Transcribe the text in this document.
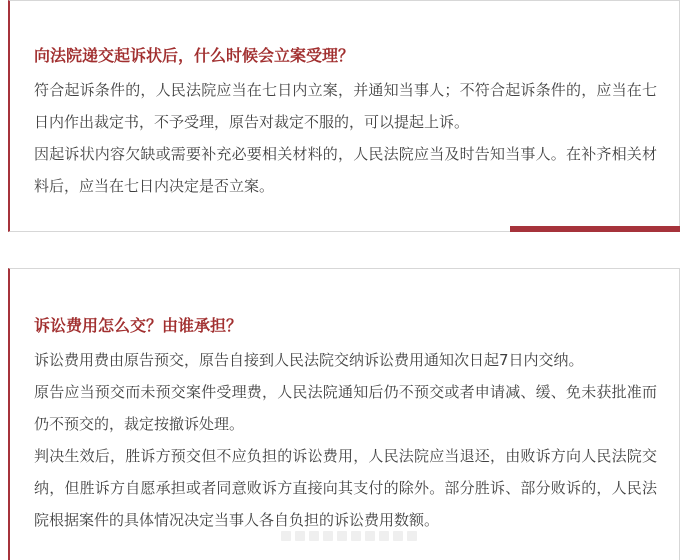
向法院递交起诉状后，什么时候会立案受理？

符合起诉条件的，人民法院应当在七日内立案，并通知当事人；不符合起诉条件的，应当在七日内作出裁定书，不予受理，原告对裁定不服的，可以提起上诉。

因起诉状内容欠缺或需要补充必要相关材料的，人民法院应当及时告知当事人。在补齐相关材料后，应当在七日内决定是否立案。

诉讼费用怎么交？由谁承担？

诉讼费用费由原告预交，原告自接到人民法院交纳诉讼费用通知次日起7日内交纳。

原告应当预交而未预交案件受理费，人民法院通知后仍不预交或者申请减、缓、免未获批准而仍不预交的，裁定按撤诉处理。

判决生效后，胜诉方预交但不应负担的诉讼费用，人民法院应当退还，由败诉方向人民法院交纳，但胜诉方自愿承担或者同意败诉方直接向其支付的除外。部分胜诉、部分败诉的，人民法院根据案件的具体情况决定当事人各自负担的诉讼费用数额。
